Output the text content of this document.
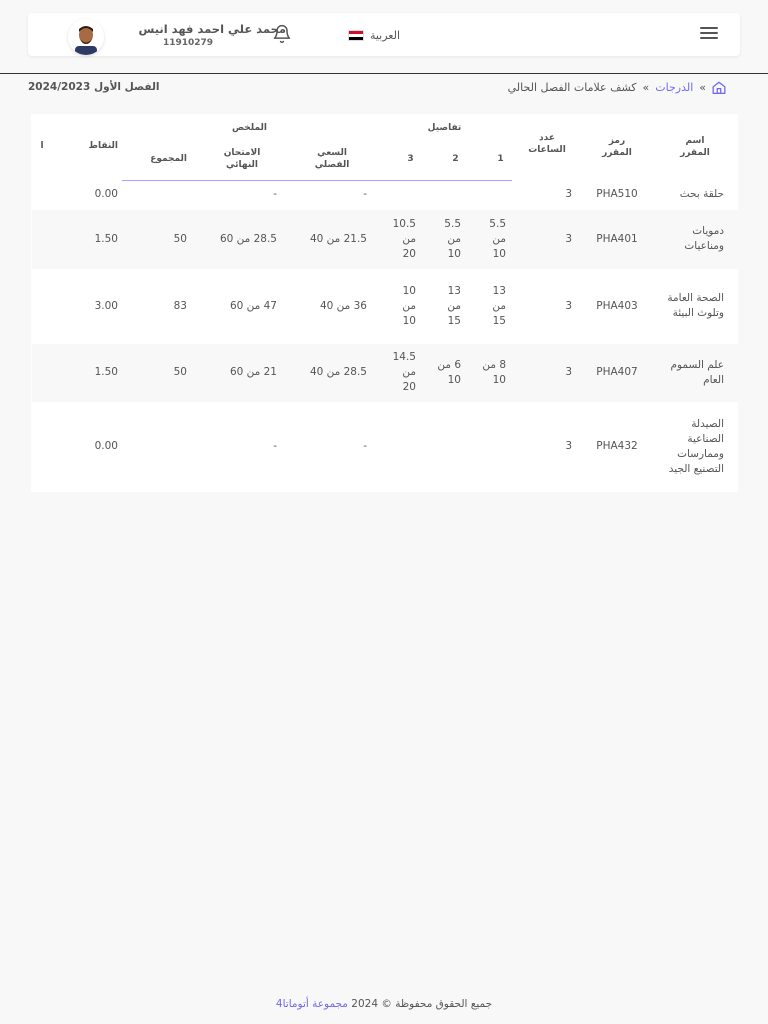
العربية
محمد علي احمد فهد انيس
11910279
»
الدرجات
»
كشف علامات الفصل الحالي
الفصل الأول 2024/2023
اسم المقرر	رمز المقرر	عدد الساعات	تفاصيل			الملخص			النقاط	ا
			1	2	3	السعي الفصلي	الامتحان النهائي	المجموع		
حلقة بحث	PHA510	3				-	-		0.00	
دمويات ومناعيات	PHA401	3	5.5 من 10	5.5 من 10	10.5 من 20	21.5 من 40	28.5 من 60	50	1.50	
الصحة العامة وتلوث البيئة	PHA403	3	13 من 15	13 من 15	10 من 10	36 من 40	47 من 60	83	3.00	
علم السموم العام	PHA407	3	8 من 10	6 من 10	14.5 من 20	28.5 من 40	21 من 60	50	1.50	
الصيدلة الصناعية وممارسات التصنيع الجيد	PHA432	3				-	-		0.00	
جميع الحقوق محفوظة © 2024 مجموعة أتوماتا4
